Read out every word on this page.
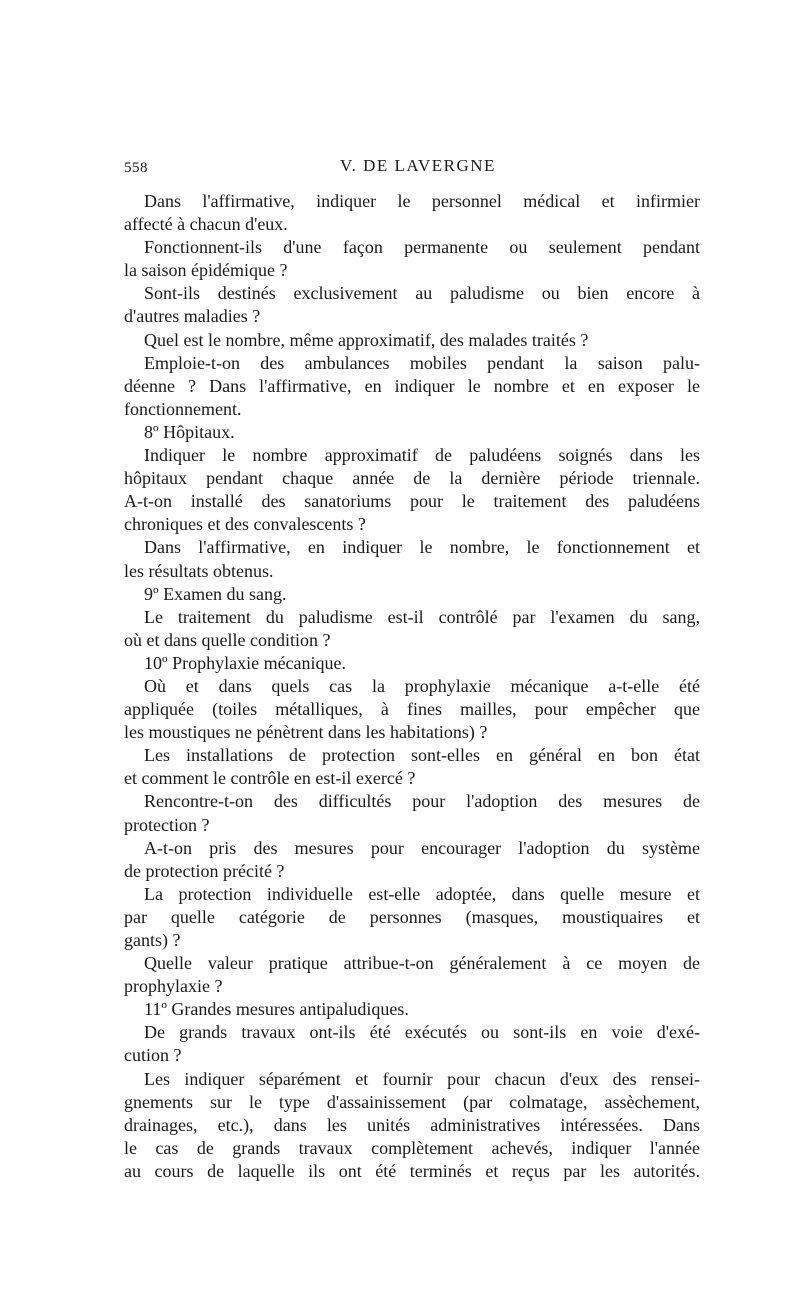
558	V. DE LAVERGNE
Dans l'affirmative, indiquer le personnel médical et infirmier
affecté à chacun d'eux.
Fonctionnent-ils d'une façon permanente ou seulement pendant
la saison épidémique ?
Sont-ils destinés exclusivement au paludisme ou bien encore à
d'autres maladies ?
Quel est le nombre, même approximatif, des malades traités ?
Emploie-t-on des ambulances mobiles pendant la saison palu-
déenne ? Dans l'affirmative, en indiquer le nombre et en exposer le
fonctionnement.
8º Hôpitaux.
Indiquer le nombre approximatif de paludéens soignés dans les
hôpitaux pendant chaque année de la dernière période triennale.
A-t-on installé des sanatoriums pour le traitement des paludéens
chroniques et des convalescents ?
Dans l'affirmative, en indiquer le nombre, le fonctionnement et
les résultats obtenus.
9º Examen du sang.
Le traitement du paludisme est-il contrôlé par l'examen du sang,
où et dans quelle condition ?
10º Prophylaxie mécanique.
Où et dans quels cas la prophylaxie mécanique a-t-elle été
appliquée (toiles métalliques, à fines mailles, pour empêcher que
les moustiques ne pénètrent dans les habitations) ?
Les installations de protection sont-elles en général en bon état
et comment le contrôle en est-il exercé ?
Rencontre-t-on des difficultés pour l'adoption des mesures de
protection ?
A-t-on pris des mesures pour encourager l'adoption du système
de protection précité ?
La protection individuelle est-elle adoptée, dans quelle mesure et
par quelle catégorie de personnes (masques, moustiquaires et
gants) ?
Quelle valeur pratique attribue-t-on généralement à ce moyen de
prophylaxie ?
11º Grandes mesures antipaludiques.
De grands travaux ont-ils été exécutés ou sont-ils en voie d'exé-
cution ?
Les indiquer séparément et fournir pour chacun d'eux des rensei-
gnements sur le type d'assainissement (par colmatage, assèchement,
drainages, etc.), dans les unités administratives intéressées. Dans
le cas de grands travaux complètement achevés, indiquer l'année
au cours de laquelle ils ont été terminés et reçus par les autorités.
